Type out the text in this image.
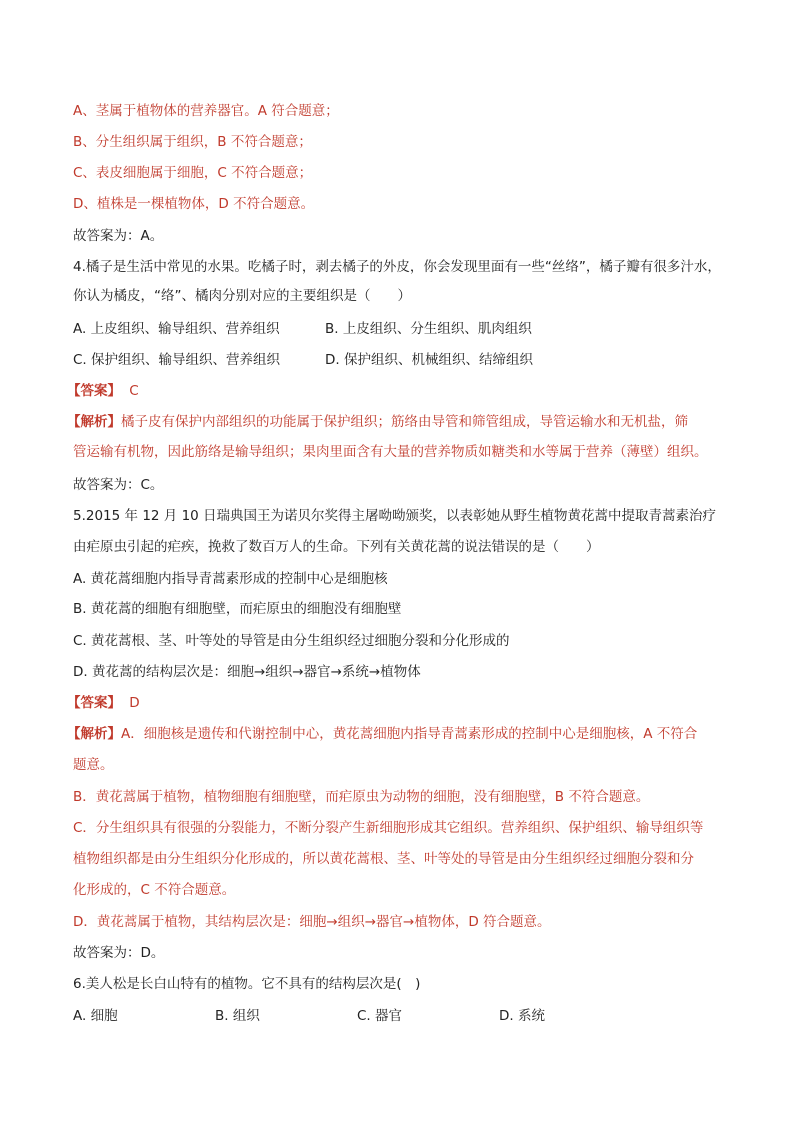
A、茎属于植物体的营养器官。A 符合题意；
B、分生组织属于组织，B 不符合题意；
C、表皮细胞属于细胞，C 不符合题意；
D、植株是一棵植物体，D 不符合题意。
故答案为：A。
4.橘子是生活中常见的水果。吃橘子时，剥去橘子的外皮，你会发现里面有一些“丝络”，橘子瓣有很多汁水，
你认为橘皮，“络”、橘肉分别对应的主要组织是（　　）
A. 上皮组织、输导组织、营养组织	B. 上皮组织、分生组织、肌肉组织
C. 保护组织、输导组织、营养组织	D. 保护组织、机械组织、结缔组织
【答案】 C
【解析】橘子皮有保护内部组织的功能属于保护组织；筋络由导管和筛管组成，导管运输水和无机盐，筛
管运输有机物，因此筋络是输导组织；果肉里面含有大量的营养物质如糖类和水等属于营养（薄壁）组织。
故答案为：C。
5.2015 年 12 月 10 日瑞典国王为诺贝尔奖得主屠呦呦颁奖，以表彰她从野生植物黄花蒿中提取青蒿素治疗
由疟原虫引起的疟疾，挽救了数百万人的生命。下列有关黄花蒿的说法错误的是（　　）
A. 黄花蒿细胞内指导青蒿素形成的控制中心是细胞核
B. 黄花蒿的细胞有细胞壁，而疟原虫的细胞没有细胞壁
C. 黄花蒿根、茎、叶等处的导管是由分生组织经过细胞分裂和分化形成的
D. 黄花蒿的结构层次是：细胞→组织→器官→系统→植物体
【答案】 D
【解析】A．细胞核是遗传和代谢控制中心，黄花蒿细胞内指导青蒿素形成的控制中心是细胞核，A 不符合
题意。
B．黄花蒿属于植物，植物细胞有细胞壁，而疟原虫为动物的细胞，没有细胞壁，B 不符合题意。
C．分生组织具有很强的分裂能力，不断分裂产生新细胞形成其它组织。营养组织、保护组织、输导组织等
植物组织都是由分生组织分化形成的，所以黄花蒿根、茎、叶等处的导管是由分生组织经过细胞分裂和分
化形成的，C 不符合题意。
D．黄花蒿属于植物，其结构层次是：细胞→组织→器官→植物体，D 符合题意。
故答案为：D。
6.美人松是长白山特有的植物。它不具有的结构层次是(　)
A. 细胞	B. 组织	C. 器官	D. 系统
